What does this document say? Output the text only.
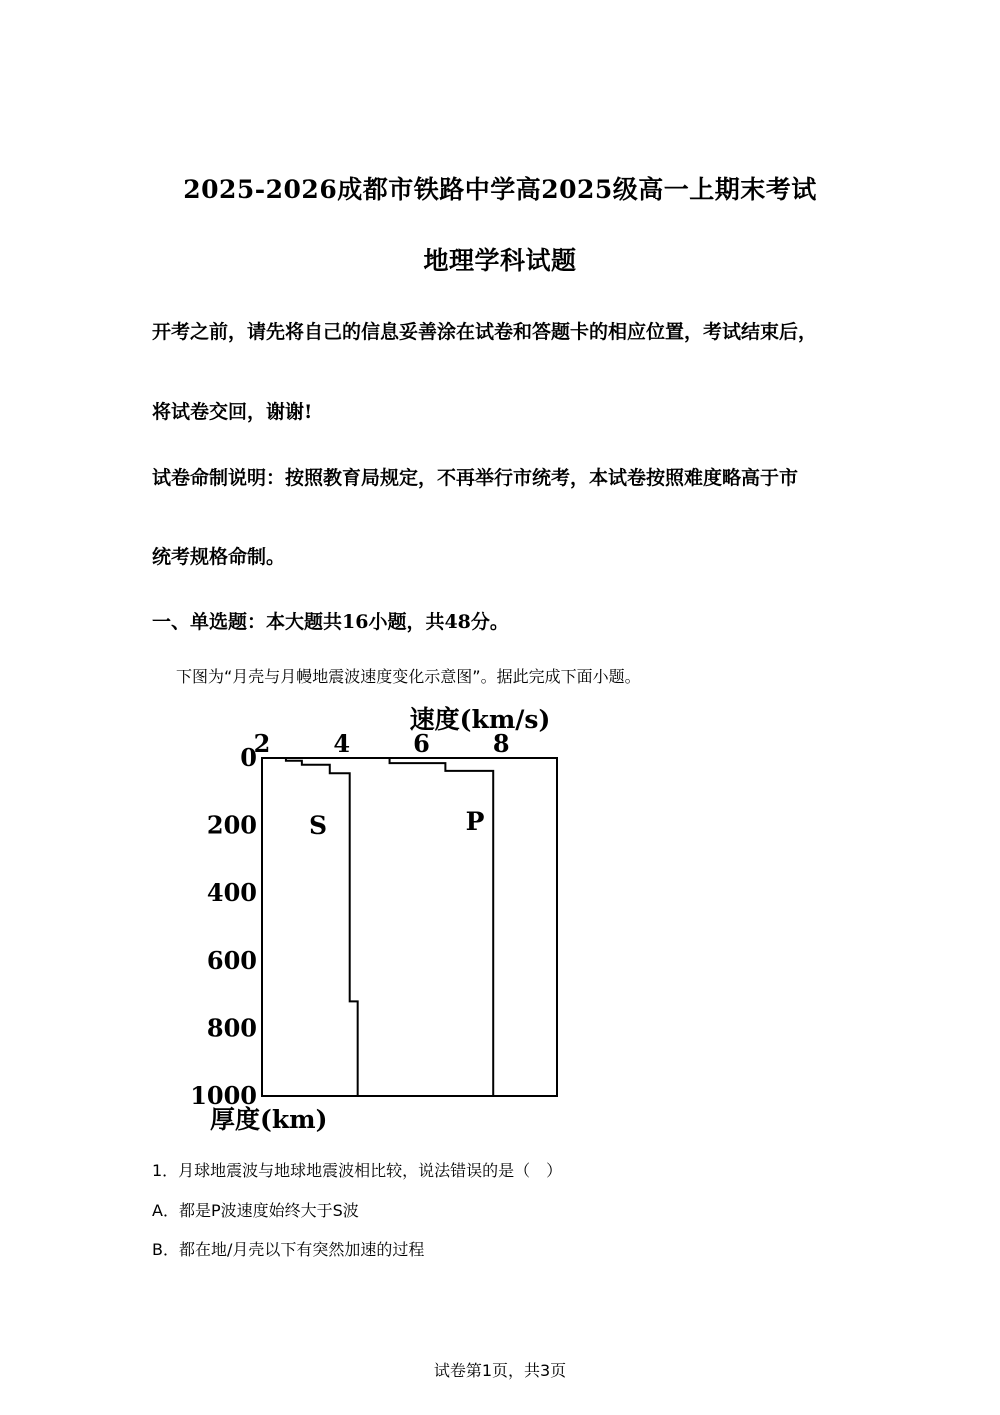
2025-2026成都市铁路中学高2025级高一上期末考试
地理学科试题
开考之前，请先将自己的信息妥善涂在试卷和答题卡的相应位置，考试结束后，
将试卷交回，谢谢!
试卷命制说明：按照教育局规定，不再举行市统考，本试卷按照难度略高于市
统考规格命制。
一、单选题：本大题共16小题，共48分。
下图为“月壳与月幔地震波速度变化示意图”。据此完成下面小题。
速度(km/s)
厚度(km)
2	4	6	8
0
200
400
600
800
1000
S	P
1．月球地震波与地球地震波相比较，说法错误的是（　）
A．都是P波速度始终大于S波
B．都在地/月壳以下有突然加速的过程
试卷第1页，共3页
